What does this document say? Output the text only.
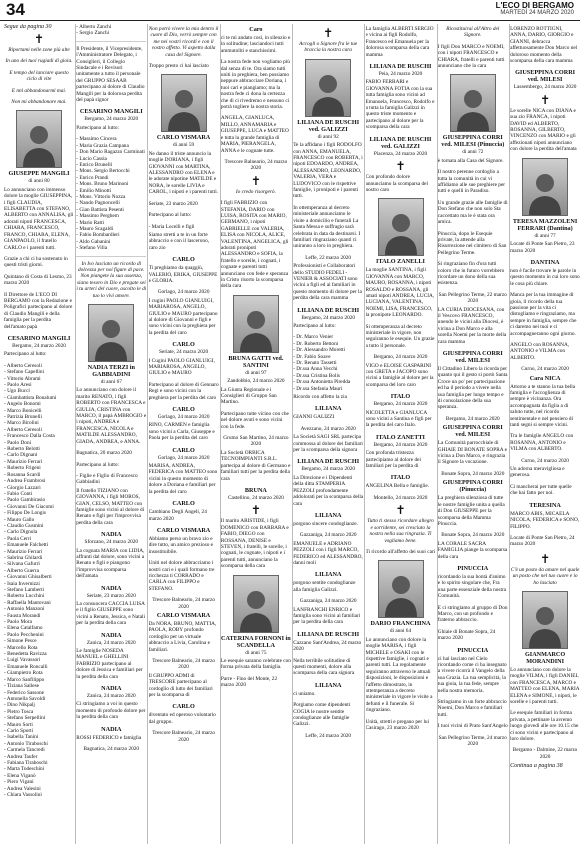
34	L'ECO DI BERGAMO
MARTEDÌ 24 MARZO 2020
Segue da pagina 30
✝
Riportami nelle zone più alte
In uno dei tuoi rugiadi di gioia.
E tempo del lanciare questo ciclo di vite
E nni abbandonarmi mai.
Non mi abbandonare mai.
GIUSEPPE MANGILI
di anni 80
Lo annunciano con immenso dolore la moglie GIUSEPPINA, i figli CLAUDIA, ELISABETTA con STEFANO, ALBERTO con ANNALISA, gli adorati nipoti FRANCESCA, CHIARA, FRANCESCO, FRANCO, CHIARA, ELENA, GIANPAOLO, il fratello CARLO e i parenti tutti.
Grazie a chi ci ha sostenuto in questi tristi giorni.
Quintano di Costa di Lesmo, 23 marzo 2020
Il Direttore de L'ECO DI BERGAMO con la Redazione e Poligrafici partecipano al dolore di Claudio Mangili e della famiglia per la perdita dell'amato papà
CESARINO MANGILI
Bergamo, 24 marzo 2020
Partecipano al lutto:
- Alberto Ceresoli
- Stefano Capellini
- Vittorio Abrami
- Paolo Aresi
- Ugo Bucci
- Giambattista Bonalumi
- Angelo Bonomi
- Marco Bonicelli
- Patrizia Brunelli
- Marco Birolini
- Alberto Ceresoli
- Francesco Dalla Costa
- Paolo Doni
- Roberto Belotti
- Carlo Dignani
- Maurizio Ferrari
- Roberto Frigeni
- Rosanna Scardi
- Andrea Frambrosi
- Giorgio Lazzari
- Fabio Conti
- Paolo Gambirasio
- Giovanni De Giacomi
- Filippo De Longis
- Mauro Gallo
- Claudio Gusmini
- Carlo Dignola
- Paola Cerri
- Emanuele Falchetti
- Maurizio Ferrari
- Sabrina Ghilardi
- Silvana Gafurri
- Alberto Guerra
- Giovanni Ghisalberti
- Isaia Invernizzi
- Stefano Lamberti
- Roberto Lucchini
- Raffaella Mantovani
- Antonio Manzoni
- Fausta Morandi
- Paolo Mora
- Elena Catalfamo
- Paolo Pecchenini
- Simone Pesce
- Marcello Rota
- Benedetta Ravizza
- Luigi Vavassori
- Emanuele Roncalli
- Giampietro Rota
- Marco Sanfilippo
- Tiziana Sallese
- Federico Sassone
- Antonella Savoldi
- Dino Nikpalj
- Pietro Tosca
- Stefano Serpellini
- Mauro Sorti
- Carlo Sporti
- Isabella Tanini
- Antonio Tiraboschi
- Carmela Tancredi
- Andrea Taufer
- Fabiana Tiraboschi
- Marta Todeschini
- Elena Viganò
- Piero Vigani
- Andrea Valesini
- Chiara Vassolini
- Alberto Zanchi
- Sergio Zanchi
Il Presidente, il Vicepresidente, l'Amministratore Delegato, i Consiglieri, il Collegio Sindacale e i Revisori unitamente a tutto il personale del GRUPPO SESAAB partecipano al dolore di Claudio Mangili per la dolorosa perdita del papà signor
CESARINO MANGILI
Bergamo, 24 marzo 2020
Partecipano al lutto:
- Massimo Cincera
- Maria Grazia Campana
- Don Mario Ragazzo Carminati
- Lucio Cassia
- Enrico Brunelli
- Mons. Sergio Bertocchi
- Enrico Prandi
- Mons. Bruno Marinoni
- Emilio Minotti
- Mons. Vittorio Nozza
- Nando Pagnoncelli
- Gian Battista Pesenti
- Massimo Perghem
- Mario Ratti
- Mauro Scagaldi
- Fabio Bombardieri
- Aldo Gabanini
- Stefano Villa
In Ivo lasciato un ricordo di dolcezza per noi figure di pace. Non piangete la sua assenza, siano tesoro in Dio e pregate sei i tu arteri del cuore, ascolto le di tuo lo vivi amore.
NADIA TERZI in GABBIADINI
di anni 67
Lo annunciano con dolore il marito RENATO, i figli ROBERTO con FRANCESCA e GIULIA, CRISTINA con MARCO, il papà AMBROGIO e i nipoti, ANDREA e FRANCESCA, NICOLA e MATILDE ALESSANDRO, GIADA, ANDREA, e ANNA.
Bagnatica, 20 marzo 2020
Partecipano al lutto:
- Figlie e Figlio di Francesco Gabbiadini
Il fratello TIZIANO con GIOVANNA, i figli MOROS, GIAN, CELSO, MATTEO con famiglie sono vicini al dolore di Renato e figli per l'improvvisa perdita della cara
NADIA
Sforzano, 24 marzo 2020
La cognata MARIA con LIDIA, affranti dal dolore, sono vicini a Renato e figli e piangono l'improvvisa scomparsa dell'amata
NADIA
Seriate, 23 marzo 2020
La consuocera CACCIA LUISA e il figlio GIUSEPPE sono vicini a Renato, Jessica, e Natali per la perdita della cara
NADIA
Zanica, 24 marzo 2020
Le famiglie NOSEDA MANUEL e GHELLINI FABRIZIO partecipano al dolore di Jessica e familiari per la perdita della cara
NADIA
Zanica, 24 marzo 2020
Ci stringiamo a voi in questo momento di profondo dolore per la perdita della cara
NADIA
ROSSI FEDERICO e famiglia
Bagnatica, 24 marzo 2020
Non potrò vivere la mia dentro il cuore di Dio, verrò sempre con me nei vostri ricordi e con il vostro affetto. Vi aspetto dalla casa del Signore.
Troppo presto ci hai lasciato
CARLO VISMARA
di anni 59
Ne danno il triste annuncio la moglie DORIANA, i figli GIOVANNI con MARTINA, ALESSANDRO con ELENA e le adorate nipotine MATILDE e NORA, le sorelle LIVIA e CAROL, i nipoti e i parenti tutti.
Seriate, 23 marzo 2020
Partecipano al lutto:
- Maria Locelli e figli
Siamo stretti a te in un forte abbraccio e con il lascerono, caro zio
CARLO
Ti preghiamo da quaggiù, VALERIO, ERIKA, GIUSEPPE e GLORIA.
Gorlago, 24 marzo 2020
I cugini PAOLO GIANLUIGI, MARIAROSA, ANGELO, GIULIO e MAURO partecipano al dolore di Giovanni e figli e sono vicini con la preghiera per la perdita del caro
CARLO
Seriate, 24 marzo 2020
I Cugini PAOLO GIANLUIGI, MARIAROSA, ANGELO, GIULIO e MAURO
Partecipano al dolore di Gennaro Regi e sono vicini con la preghiera per la perdita del caro
CARLO
Gorlago, 24 marzo 2020
RINO, CARMEN e famiglia sono vicini a Carla, Giuseppe e Paola per la perdita del caro
CARLO
Gorlago, 24 marzo 2020
MARISA, ANDREA, FEDERICA con MATTEO sono vicini in questo momento di dolore a Doriana e familiari per la perdita del caro
CARLO
Cambiano Degli Angeli, 24 marzo 2020
CARLO VISMARA
Abbiamo perso un bravo zio e dire tutto, un amico prezioso e insostituibile.
Uniti nel dolore abbracciamo i nostri cari e i quali formano tre ricchezza ti CORRADO e CARLA con FILIPPO e STEFANO.
Trescore Balneario, 24 marzo 2020
CARLO VISMARA
Da NORA, BRUNO, MATTIA, PAOLA, ROBY profondo cordoglio per un virtuale abbraccio a Livia, Carolina e familiari.
Trescore Balneario, 24 marzo 2020
Il GRUPPO ADMI di TRESCORE partecipano al cordoglio di lutto dei familiari per la scomparsa di
CARLO
diventato ed operoso volontario dal gruppo.
Trescore Balneario, 24 marzo 2020
Caro
ci te mi andato così, in silenzio e in solitudine; lasciandoci tutti ammutoliti e stanchissimi.
La nostra fede non vogliamo più dal senza di te. Ora siamo tutti uniti in preghiera, ben possiamo neppure abbracciare Doriana, i tuoi cari e piangiamo; ma la nostra fede ci dona la certezza che di ci rivedremo e nessuno ci potrà togliere la nostra storia.
ANGELA, GIANLUCA, MILLO, ANNAMARIA e GIUSEPPE, LUCA e MATTEO e tutta la grande famiglia di MARIA, PIERANGELA, ANNA e le cognate tutte.
Trescore Balneario, 24 marzo 2020
✝
Io credo risorgerò.
I figli FABRIZIO con STEFANIA, DARIO con LUISA, ROSITA con MARIO, GERMANO, i nipoti GABRIELLE con VALERIA, ELISA con NICOLA, ALICE, VALENTINA, ANGELICA, gli adorati pronipoti ALESSANDRO e SOFIA, la fratello e sorelle, i cognati, i cognate e parenti tutti annunciano con fede e speranza in Cristo risorto la scomparsa della cara
BRUNA GATTI ved. SANTINI
di anni 97
Zandobbio, 24 marzo 2020
La Giunta Regionale e i Consiglieri di Gruppo San Martino.
Partecipano tutte vicino con che nel dolore avuti e sono vicini con la fede.
Grumo San Martino, 24 marzo 2020
La Società ORBICA TECNOIMPIANTI S.R.L. partecipa al dolore di Germano e familiari tutti per la perdita della cara
BRUNA
Castellino, 24 marzo 2020
✝
Il marito ARISTIDE, i figli DOMENICO con BARBARA e FABIO, DIEGO con ROSSANA, DENISE e STEVEN, i fratelli, le sorelle, i cognati, le cognate, i nipoti e i parenti tutti, annunciano la scomparsa della cara
CATERINA FORNONI in SCANDELLA
di anni 75
Le esequie saranno celebrate con forma privata della famiglia.
Parre - Fino del Monte, 22 marzo 2020
✝
Accogli o Signore fra le tue braccia la nostra cara
LILIANA DE RUSCHI ved. GALIZZI
di anni 92
Te la affidano i figli RODOLFO con ANNA, EMANUELA, FRANCESCO con ROBERTA, i nipoti EDOARDO, ANDREA, ALESSANDRO, LEONARDO, VALERIA, VERA e LUDOVICO con le rispettive famiglie, i pronipoti e i parenti tutti.
In ottemperanza al decreto ministeriale annunciamo le visite a domicilio e funerali La Santa Messa e suffragio sarà celebrata in data da destinarsi. I familiari ringraziano quanti ci uniranno a loro in preghiera.
Leffe, 22 marzo 2020
Professionisti e Collaboratori dello STUDIO FEDELI - VENIER & ASSOCIATI sono vicini a figli ed ai familiari in questo momento di dolore per la perdita della cara mamma
LILIANA DE RUSCHI
Bergamo, 24 marzo 2020
Partecipano al lutto:
- Dr. Marco Venier
- Dr. Roberto Bettoni
- Dr. Alessandro Moretti
- Dr. Fabio Soave
- Dr. Renato Tassetti
- Dr.ssa Anna Vecchi
- Dr.ssa Cristina Bolis
- Dr.ssa Antonietta Piredda
- Dr.ssa Stefania Mauri
Ricordo con affetto la zia
LILIANA
GIANNI GALIZZI
Avezzano, 24 marzo 2020
La Società SAGI SRL partecipa commossa al dolore dei familiari per la scomparsa della signora
LILIANA DE RUSCHI
Bergamo, 24 marzo 2020
La Direzione e i Dipendenti della ditta STAMPERIA PEZZOLI profondamente addolorati per la scomparsa della cara
LILIANA
porgono sincere condoglianze.
Gazzaniga, 24 marzo 2020
EMANUELE e ADRIANO PEZZOLI con i figli MARCO, FEDERICO ed ALESSANDRO, danni moli
LILIANA
porgono sentite condoglianze alla famiglia Galizzi.
Gazzaniga, 24 marzo 2020
LANFRANCHI ENRICO e famiglia sono vicini ai familiari per la perdita della cara
LILIANA DE RUSCHI
Cazzano Sant'Andrea, 24 marzo 2020
Nella terribile solitudine di questi momenti, dolore alla scomparsa della cara signora
LILIANA
ci uniamo.
Porgiamo come dipendenti COGIA le nostre sentite condoglianze alle famiglie Galizzi.
Leffe, 24 marzo 2020
La famiglia ALBERTI SERGIO e vicina ai figli Rodolfo, Francesco ed Emanuela per la dolorosa scomparsa della cara mamma
LILIANA DE RUSCHI
Peia, 24 marzo 2020
FABIO FERRARI e GIOVANNA FOTIA con la sua tutta famiglia sono vicini ad Emanuela, Francesco, Rodolfo e a tutta la famiglia Galizzi in questo triste momento e partecipano al dolore per la scomparsa della cara
LILIANA DE RUSCHI ved. GALIZZI
Piacenza, 24 marzo 2020
✝
Con profondo dolore annunciamo la scomparsa del nostro caro
ITALO ZANELLI
La moglie SANTINA, i figli GIOVANNA con MARCO, MAURO, ROSANNA, i nipoti ROSALDO e ROSSANA, gli amati nipoti ANDREA, LUCIA, LUCIANA, VALENTINA, NOEMI, LISA, FRANCESCO, la pronipote LEONARDO.
Si ottemperanza al decreto ministeriale in vigore, non seguiranno le esequie. Un grazie a tutto il personale.
Bergamo, 24 marzo 2020
VIGO e ELOISE GASPARINI con GRETA e JACOPO sono vicini a famiglie al dolore per la scomparsa del loro caro
ITALO
Bergamo, 24 marzo 2020
NICOLETTA e GIANLUCA sono vicini a Santina e figli per la perdita del caro Italo.
ITALO ZANETTI
Bergamo, 24 marzo 2020
Con profonda tristezza partecipiamo al dolore dei familiari per la perdita di
ITALO
ANGELINA Bella e famiglie.
Montello, 24 marzo 2020
✝
Tutto ti stesso ricordare allegro e sorridente, sei cresciuto la nostra nella sua ringrazia. Ti vogliamo bene.
Ti ricordo all'affetto dei suoi cari
DARIO FRANCHINA
di anni 64
Lo annunciano con dolore la moglie MARISA, i figli MICHELE e OSAKI con le rispettive famiglie, i cognati e parenti tutti. La regolamente seguiranno attraverso le attuali disposizioni, le disposizioni e l'affetto dimostrato, in ottemperanza a decreto ministeriale in vigore le visite a defunti e il funerale. Si ringraziano.
Unità, stretti e pregano per lui Casirago, 23 marzo 2020
Ricostituirai all'Altro del Signore.
I figli Don MARCO e NOEMI, con i nipoti FRANCESCO e CHIARA, fratelli e parenti tutti annunciano che la cara
GIUSEPPINA CORRI ved. MILESI (Pinuccia)
di anni 72
è tornata alla Casa del Signore.
Il nostro perenne cordoglio a tutta la comunità in cui vi affidiamo alle sue preghiere per tutti e quelli in Paradiso.
Un grande grazie alle famiglie di Don Stefano che non solo Sta caccettato ma le è stata ora amica.
Pinuccia, dopo le Esequie private, la attende alla Risurrezione nel cimitero di San Pellegrino Terme.
Si ringraziano fin d'ora tutti coloro che in futuro vorrebbero ricordare un dono della sua esistenza.
San Pellegrino Terme, 22 marzo 2020
LA CURIA DIOCESANA, con il Vescovo FRANCESCO, unendo le vicini alla Diocesi, è vicina a Don Marco e alla sorella Noemi per la morte della cara mamma
GIUSEPPINA CORRI ved. MILESI
Il Cittadino Libero la ricorda per quanto qui il gesto si portò Santa Croce un po' per partecipazione ed ha il periodo a vivere nella sua famiglia per lungo tempo e di consolazione della sua speranza.
Bergamo, 24 marzo 2020
GIUSEPPINA CORRI ved. MILESI
La Comunità parrocchiale di GHIAIE DI BONATE SOPRA e vicina a Don Marco, e ringrazia il Signore la vocazione.
Bonate Sopra, 24 marzo 2020
GIUSEPPINA CORRI (Pinuccia)
La preghiera silenziosa di tutte le nostre famiglie unita a quella di Don GIUSEPPE per la scomparsa della Mamma Pinuccia.
Bonate Sopra, 24 marzo 2020
LA CORALE SACRA FAMIGLIA piange la scomparsa della cara
PINUCCIA
ricordando la sua bontà d'animo e lo spirito singolare che, Fra una parte essenziale della nostra Comunità.
E ci stringiamo al gruppo di Don Marco, con un profondo e fraterno abbraccio.
Ghiaie di Bonate Sopra, 24 marzo 2020
PINUCCIA
ci hai lasciato nel Cielo ricordando come ci ha insegnato a vivere ricorrà il Vangelo della sua Grazia. La tua semplicità, la tua gioia, la tua fede, sempre nella nostra memoria.
Stringiamo in un forte abbraccio Noemi, Don Marco e familiari tutti.
I tuoi vicini di Prato Sant'Angelo
San Pellegrino Terme, 24 marzo 2020
LORENZO ROTTIGNI, ANNA, DARIO, GIORGIO e GIANNI, debracca affettuosamente Don Marco nel doloroso momento della scomparsa della cara mamma
GIUSEPPINA CORRI ved. MILESI
Lassembergo, 24 marzo 2020
✝
Le sorelle NICA con DIANA e sua zio FRANCA, i nipoti DAVID ed ALBERTO, ROSANNA, GILBERTO, VINCENZO con MARIO e gli affezionati nipoti annunciano con dolore la perdita dell'amata
TERESA MAZZOLENI FERRARI (Dantina)
di anni 77
Locate di Ponte San Pietro, 23 marzo 2020
DANTINA
non è facile trovare le parole in questo momento in cui loro sono le cosa più chiare.
Manca per la tua immagine di gioia, il ricordo della tua passione per la vita ci distogliamo e ringraziamo, ma sempre in famiglia, sempre che ci daremo nei tuoi e ci accompagneranno ogni giorno.
ANGELO con ROSANNA, ANTONIO e VILMA con ALBERTO.
Curno, 24 marzo 2020
Cara NICA
Attorno a te stanno la tua bella famiglia e l'accoglienza di sempre è vicinanza. Ora accompagnata da figlia a di saluto tutte, nel ricordo sentimentale e nel pensiero di tanti segni si sempre vicini.
Tra le famiglie ANGELO con ROSANNA, ANTONIO e VILMA con ALBERTO.
Curno, 24 marzo 2020
Un adorna meravigliosa e generosa.
Ci mancherai per tutte quelle che hai fatto per noi.
TERESINA
MARCO ABIS, MICAELA NICOLA, FEDERICA e SONO, FILIPPO.
Locate di Ponte San Pietro, 24 marzo 2020
✝
C'è un posto da amare nel quale un posto che nel tuo cuore e io ho lasciato
GIANMARCO MORANDINI
Lo annunciano con dolore la moglie VILMA, i figli DANIEL con FRANCESCA, MARCO e MATTEO con ELENA, MARIA ELENA e SIMONE, i nipoti, le sorelle e i parenti tutti.
Le esequie familiari in forma privata, a pettinare la avremo luogo giovedì alle ore 10.15 che ci sono vicini e partecipano al loro dolore.
Bergamo - Dalmine, 22 marzo 2020
Continua a pagina 38
